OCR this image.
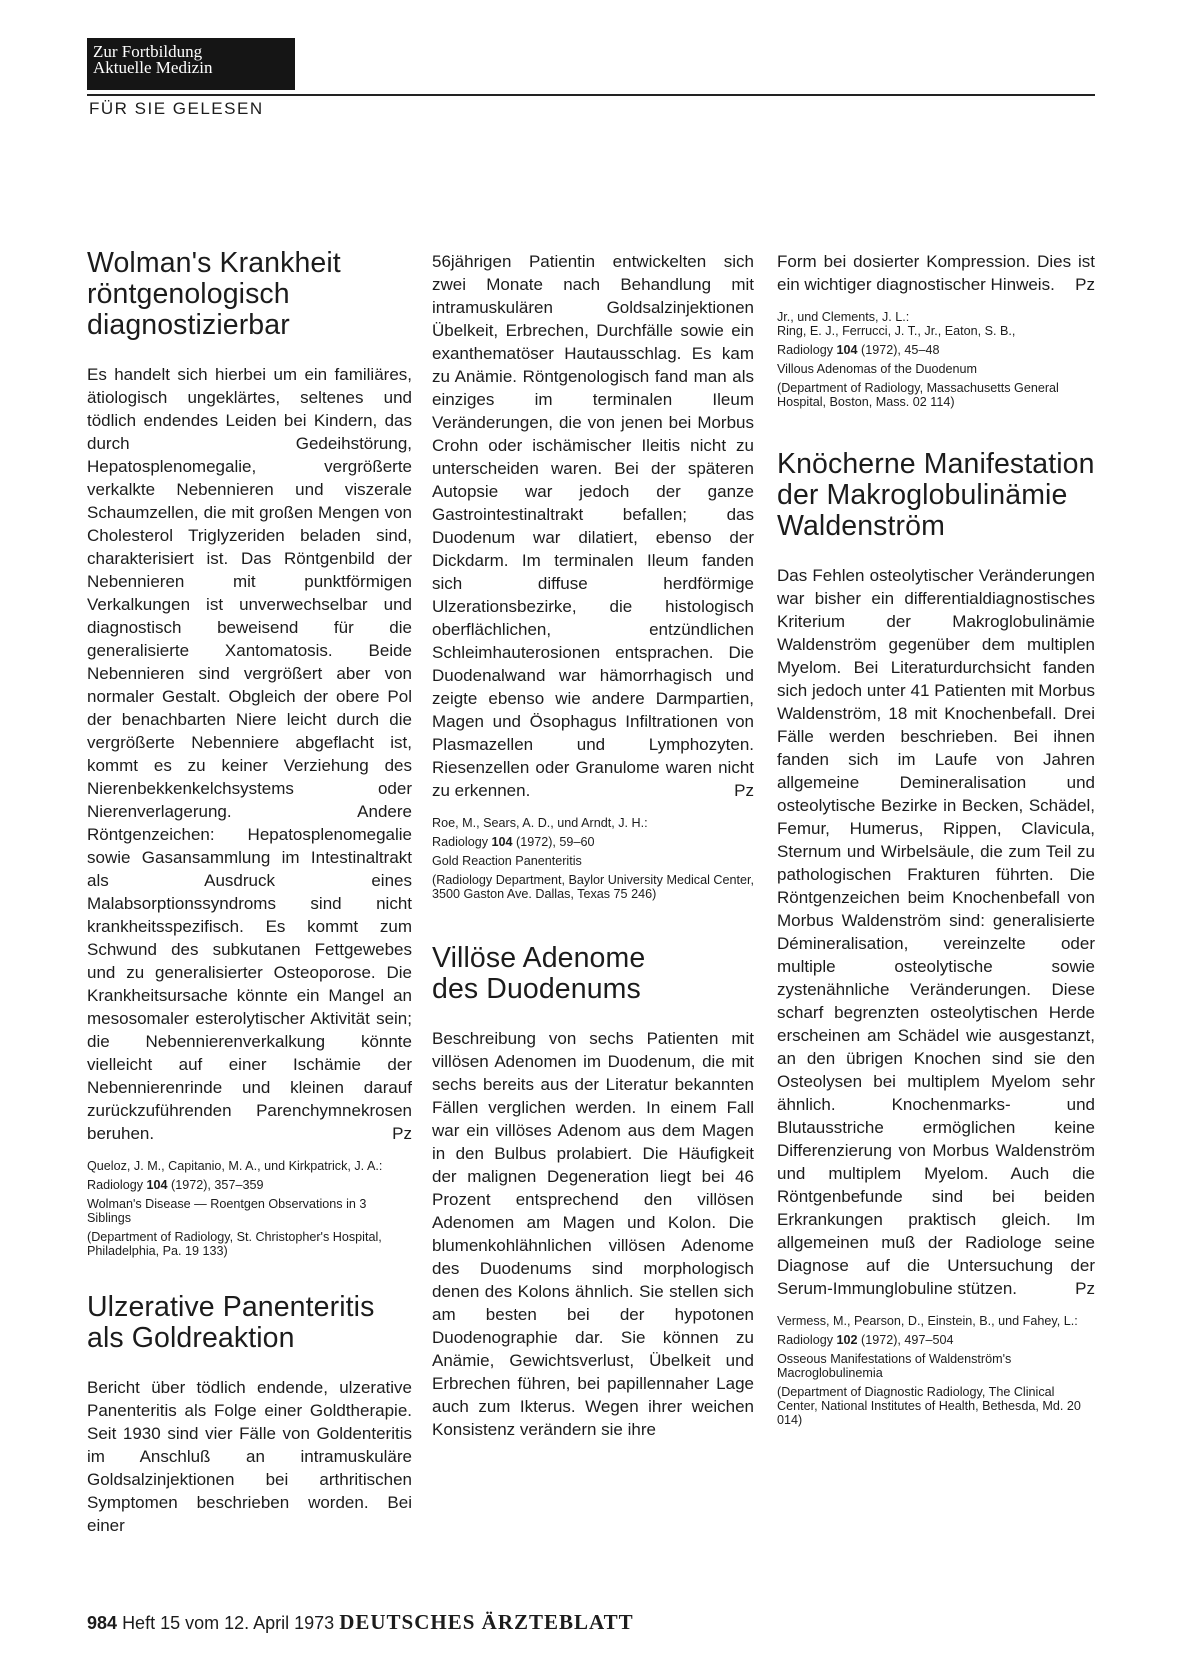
Zur Fortbildung
Aktuelle Medizin
FÜR SIE GELESEN
Wolman's Krankheit röntgenologisch diagnostizierbar

Es handelt sich hierbei um ein familiäres, ätiologisch ungeklärtes, seltenes und tödlich endendes Leiden bei Kindern, das durch Gedeihstörung, Hepatosplenomegalie, vergrößerte verkalkte Nebennieren und viszerale Schaumzellen, die mit großen Mengen von Cholesterol Triglyzeriden beladen sind, charakterisiert ist. Das Röntgenbild der Nebennieren mit punktförmigen Verkalkungen ist unverwechselbar und diagnostisch beweisend für die generalisierte Xantomatosis. Beide Nebennieren sind vergrößert aber von normaler Gestalt. Obgleich der obere Pol der benachbarten Niere leicht durch die vergrößerte Nebenniere abgeflacht ist, kommt es zu keiner Verziehung des Nierenbekkenkelchsystems oder Nierenverlagerung. Andere Röntgenzeichen: Hepatosplenomegalie sowie Gasansammlung im Intestinaltrakt als Ausdruck eines Malabsorptionssyndroms sind nicht krankheitsspezifisch. Es kommt zum Schwund des subkutanen Fettgewebes und zu generalisierter Osteoporose. Die Krankheitsursache könnte ein Mangel an mesosomaler esterolytischer Aktivität sein; die Nebennierenverkalkung könnte vielleicht auf einer Ischämie der Nebennierenrinde und kleinen darauf zurückzuführenden Parenchymnekrosen beruhen.	Pz

Queloz, J. M., Capitanio, M. A., und Kirkpatrick, J. A.:

Radiology 104 (1972), 357–359

Wolman's Disease — Roentgen Observations in 3 Siblings

(Department of Radiology, St. Christopher's Hospital, Philadelphia, Pa. 19 133)

Ulzerative Panenteritis als Goldreaktion

Bericht über tödlich endende, ulzerative Panenteritis als Folge einer Goldtherapie. Seit 1930 sind vier Fälle von Goldenteritis im Anschluß an intramuskuläre Goldsalzinjektionen bei arthritischen Symptomen beschrieben worden. Bei einer

56jährigen Patientin entwickelten sich zwei Monate nach Behandlung mit intramuskulären Goldsalzinjektionen Übelkeit, Erbrechen, Durchfälle sowie ein exanthematöser Hautausschlag. Es kam zu Anämie. Röntgenologisch fand man als einziges im terminalen Ileum Veränderungen, die von jenen bei Morbus Crohn oder ischämischer Ileitis nicht zu unterscheiden waren. Bei der späteren Autopsie war jedoch der ganze Gastrointestinaltrakt befallen; das Duodenum war dilatiert, ebenso der Dickdarm. Im terminalen Ileum fanden sich diffuse herdförmige Ulzerationsbezirke, die histologisch oberflächlichen, entzündlichen Schleimhauterosionen entsprachen. Die Duodenalwand war hämorrhagisch und zeigte ebenso wie andere Darmpartien, Magen und Ösophagus Infiltrationen von Plasmazellen und Lymphozyten. Riesenzellen oder Granulome waren nicht zu erkennen.	Pz

Roe, M., Sears, A. D., und Arndt, J. H.:

Radiology 104 (1972), 59–60

Gold Reaction Panenteritis

(Radiology Department, Baylor University Medical Center, 3500 Gaston Ave. Dallas, Texas 75 246)

Villöse Adenome des Duodenums

Beschreibung von sechs Patienten mit villösen Adenomen im Duodenum, die mit sechs bereits aus der Literatur bekannten Fällen verglichen werden. In einem Fall war ein villöses Adenom aus dem Magen in den Bulbus prolabiert. Die Häufigkeit der malignen Degeneration liegt bei 46 Prozent entsprechend den villösen Adenomen am Magen und Kolon. Die blumenkohlähnlichen villösen Adenome des Duodenums sind morphologisch denen des Kolons ähnlich. Sie stellen sich am besten bei der hypotonen Duodenographie dar. Sie können zu Anämie, Gewichtsverlust, Übelkeit und Erbrechen führen, bei papillennaher Lage auch zum Ikterus. Wegen ihrer weichen Konsistenz verändern sie ihre

Form bei dosierter Kompression. Dies ist ein wichtiger diagnostischer Hinweis. Pz

Jr., und Clements, J. L.:

Ring, E. J., Ferrucci, J. T., Jr., Eaton, S. B.,

Radiology 104 (1972), 45–48

Villous Adenomas of the Duodenum

(Department of Radiology, Massachusetts General Hospital, Boston, Mass. 02 114)

Knöcherne Manifestation der Makroglobulinämie Waldenström

Das Fehlen osteolytischer Veränderungen war bisher ein differentialdiagnostisches Kriterium der Makroglobulinämie Waldenström gegenüber dem multiplen Myelom. Bei Literaturdurchsicht fanden sich jedoch unter 41 Patienten mit Morbus Waldenström, 18 mit Knochenbefall. Drei Fälle werden beschrieben. Bei ihnen fanden sich im Laufe von Jahren allgemeine Demineralisation und osteolytische Bezirke in Becken, Schädel, Femur, Humerus, Rippen, Clavicula, Sternum und Wirbelsäule, die zum Teil zu pathologischen Frakturen führten. Die Röntgenzeichen beim Knochenbefall von Morbus Waldenström sind: generalisierte Démineralisation, vereinzelte oder multiple osteolytische sowie zystenähnliche Veränderungen. Diese scharf begrenzten osteolytischen Herde erscheinen am Schädel wie ausgestanzt, an den übrigen Knochen sind sie den Osteolysen bei multiplem Myelom sehr ähnlich. Knochenmarks- und Blutausstriche ermöglichen keine Differenzierung von Morbus Waldenström und multiplem Myelom. Auch die Röntgenbefunde sind bei beiden Erkrankungen praktisch gleich. Im allgemeinen muß der Radiologe seine Diagnose auf die Untersuchung der Serum-Immunglobuline stützen.	Pz

Vermess, M., Pearson, D., Einstein, B., und Fahey, L.:

Radiology 102 (1972), 497–504

Osseous Manifestations of Waldenström's Macroglobulinemia

(Department of Diagnostic Radiology, The Clinical Center, National Institutes of Health, Bethesda, Md. 20 014)

984 Heft 15 vom 12. April 1973 DEUTSCHES ÄRZTEBLATT
